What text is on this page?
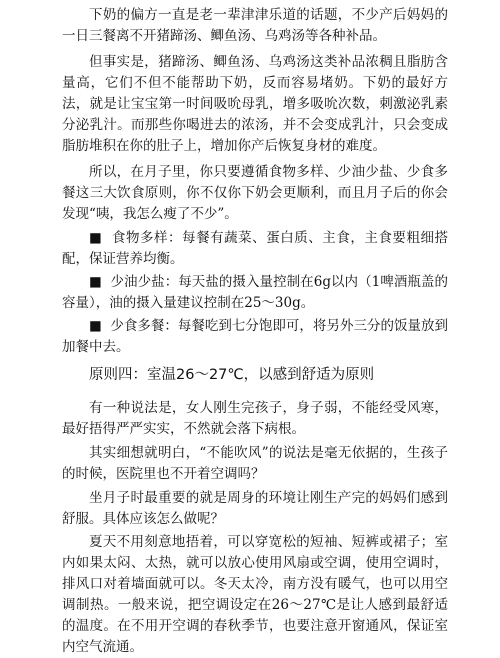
下奶的偏方一直是老一辈津津乐道的话题，不少产后妈妈的一日三餐离不开猪蹄汤、鲫鱼汤、乌鸡汤等各种补品。

但事实是，猪蹄汤、鲫鱼汤、乌鸡汤这类补品浓稠且脂肪含量高，它们不但不能帮助下奶，反而容易堵奶。下奶的最好方法，就是让宝宝第一时间吸吮母乳，增多吸吮次数，刺激泌乳素分泌乳汁。而那些你喝进去的浓汤，并不会变成乳汁，只会变成脂肪堆积在你的肚子上，增加你产后恢复身材的难度。

所以，在月子里，你只要遵循食物多样、少油少盐、少食多餐这三大饮食原则，你不仅你下奶会更顺利，而且月子后的你会发现“咦，我怎么瘦了不少”。

■ 食物多样：每餐有蔬菜、蛋白质、主食，主食要粗细搭配，保证营养均衡。

■ 少油少盐：每天盐的摄入量控制在6g以内（1啤酒瓶盖的容量），油的摄入量建议控制在25～30g。

■ 少食多餐：每餐吃到七分饱即可，将另外三分的饭量放到加餐中去。

原则四：室温26～27℃，以感到舒适为原则

有一种说法是，女人刚生完孩子，身子弱，不能经受风寒，最好捂得严严实实，不然就会落下病根。

其实细想就明白，“不能吹风”的说法是毫无依据的，生孩子的时候，医院里也不开着空调吗？

坐月子时最重要的就是周身的环境让刚生产完的妈妈们感到舒服。具体应该怎么做呢？

夏天不用刻意地捂着，可以穿宽松的短袖、短裤或裙子；室内如果太闷、太热，就可以放心使用风扇或空调，使用空调时，排风口对着墙面就可以。冬天太冷，南方没有暖气，也可以用空调制热。一般来说，把空调设定在26～27℃是让人感到最舒适的温度。在不用开空调的春秋季节，也要注意开窗通风，保证室内空气流通。
